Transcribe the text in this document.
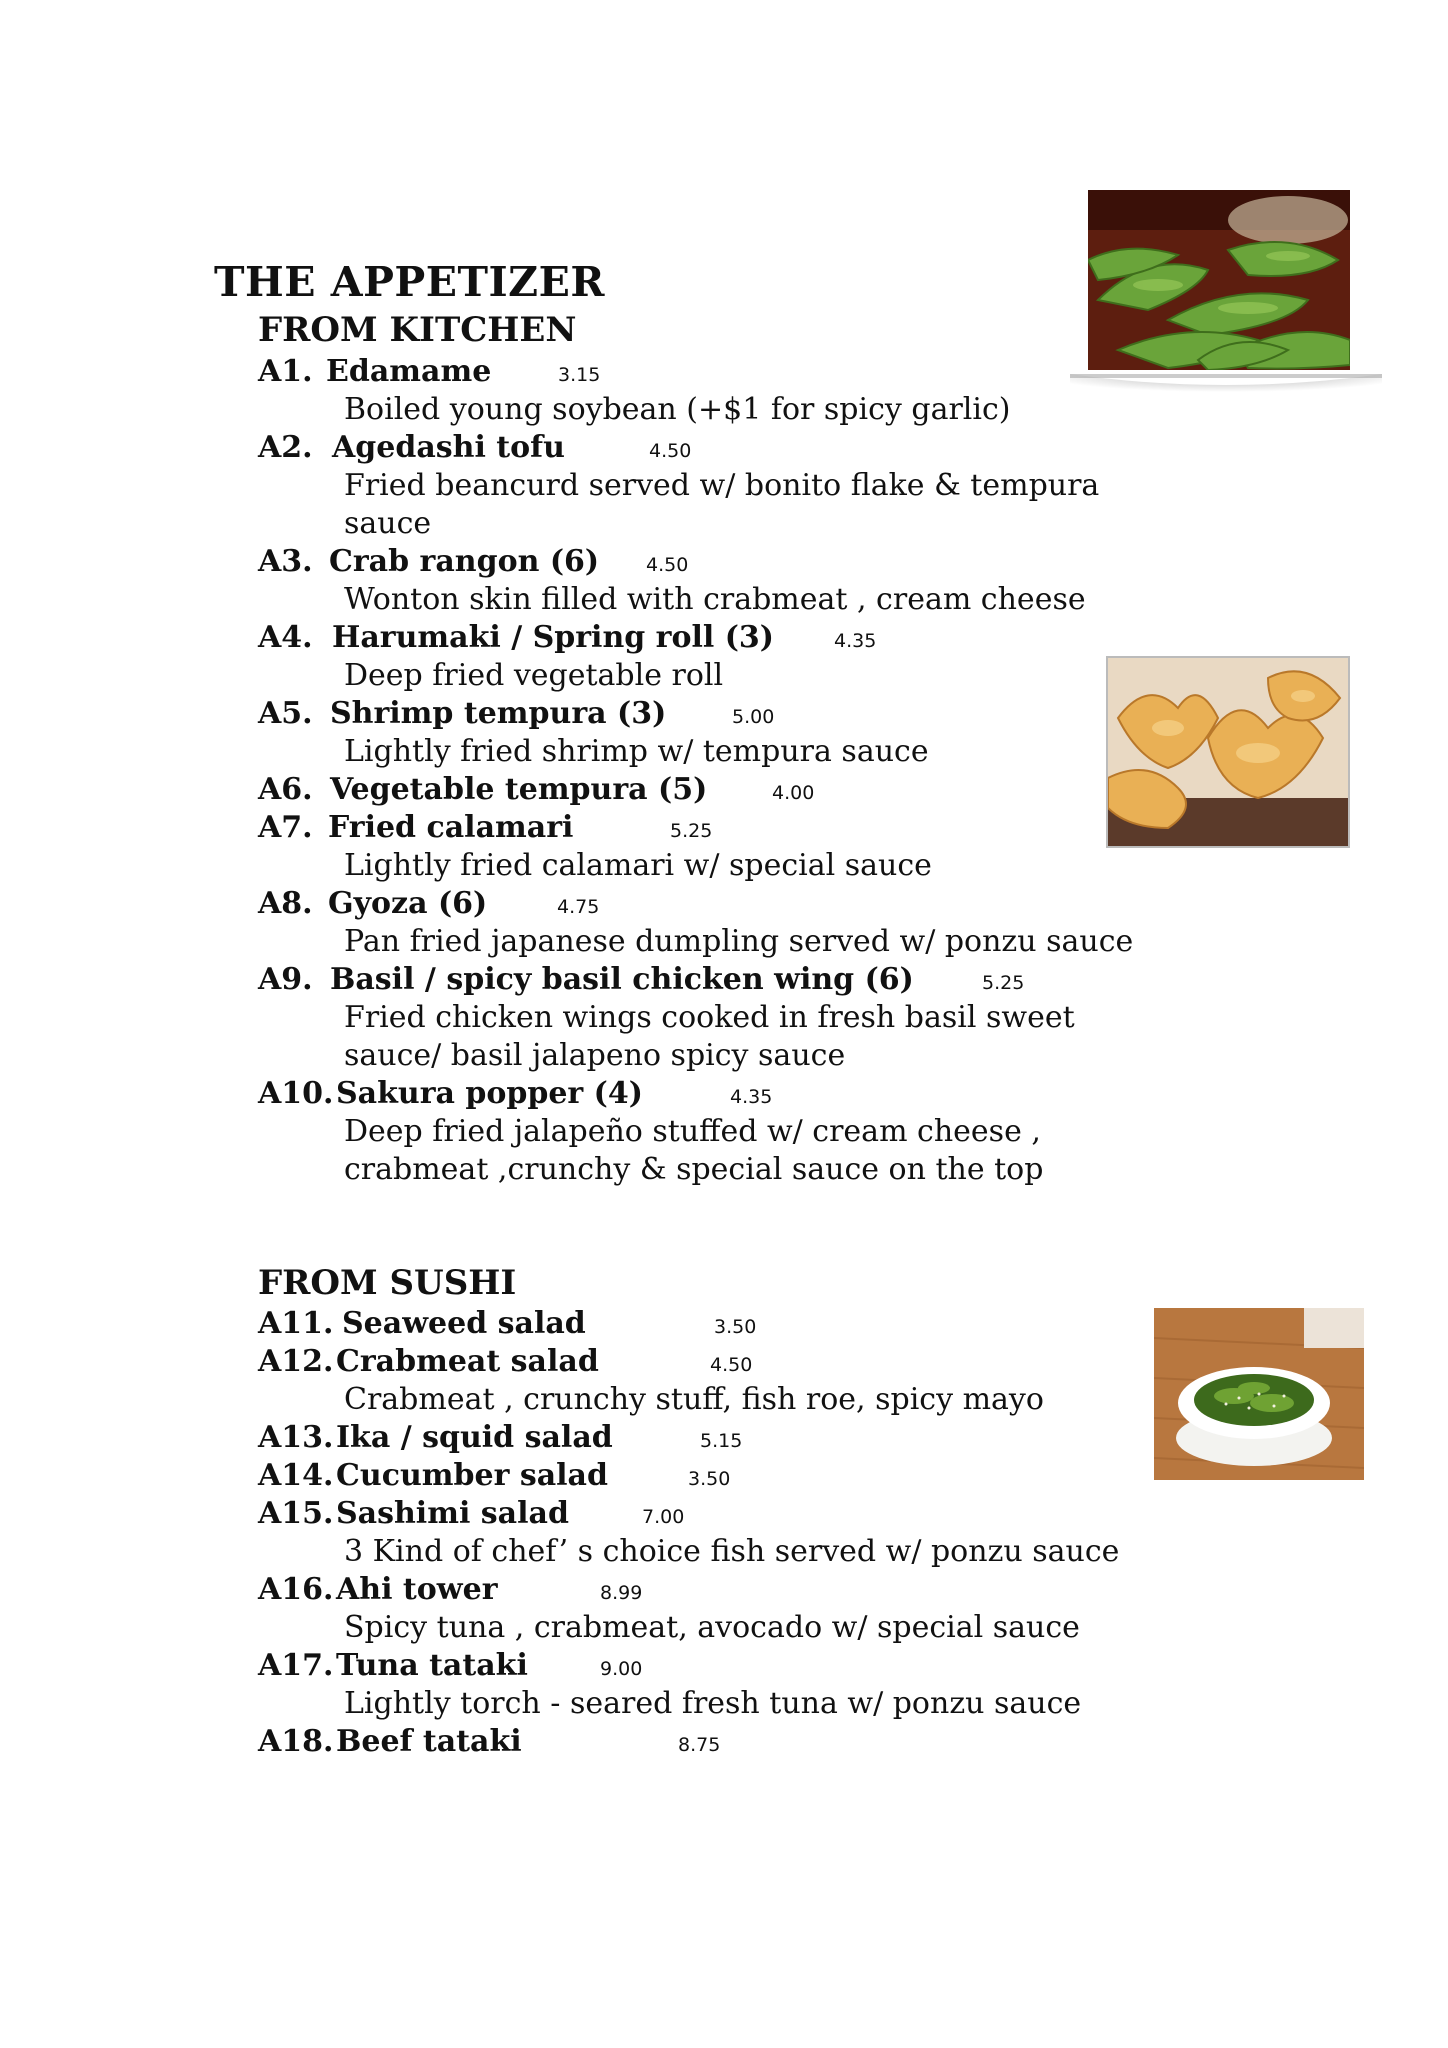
THE APPETIZER
FROM KITCHEN
FROM SUSHI
A1. Edamame	3.15
Boiled young soybean (+$1 for spicy garlic)
A2. Agedashi tofu	4.50
Fried beancurd served w/ bonito flake & tempura
sauce
A3. Crab rangon (6) 4.50
Wonton skin filled with crabmeat , cream cheese
A4. Harumaki / Spring roll (3)	4.35
Deep fried vegetable roll
A5. Shrimp tempura (3)	5.00
Lightly fried shrimp w/ tempura sauce
A6. Vegetable tempura (5)	4.00
A7. Fried calamari	5.25
Lightly fried calamari w/ special sauce
A8. Gyoza (6)	4.75
Pan fried japanese dumpling served w/ ponzu sauce
A9. Basil / spicy basil chicken wing (6)	5.25
Fried chicken wings cooked in fresh basil sweet
sauce/ basil jalapeno spicy sauce
A10. Sakura popper (4)	4.35
Deep fried jalapeño stuffed w/ cream cheese ,
crabmeat ,crunchy & special sauce on the top
A11. Seaweed salad	3.50
A12. Crabmeat salad	4.50
Crabmeat , crunchy stuff, fish roe, spicy mayo
A13. Ika / squid salad	5.15
A14. Cucumber salad	3.50
A15. Sashimi salad	7.00
3 Kind of chef’ s choice fish served w/ ponzu sauce
A16. Ahi tower	8.99
Spicy tuna , crabmeat, avocado w/ special sauce
A17. Tuna tataki	9.00
Lightly torch - seared fresh tuna w/ ponzu sauce
A18. Beef tataki	8.75
